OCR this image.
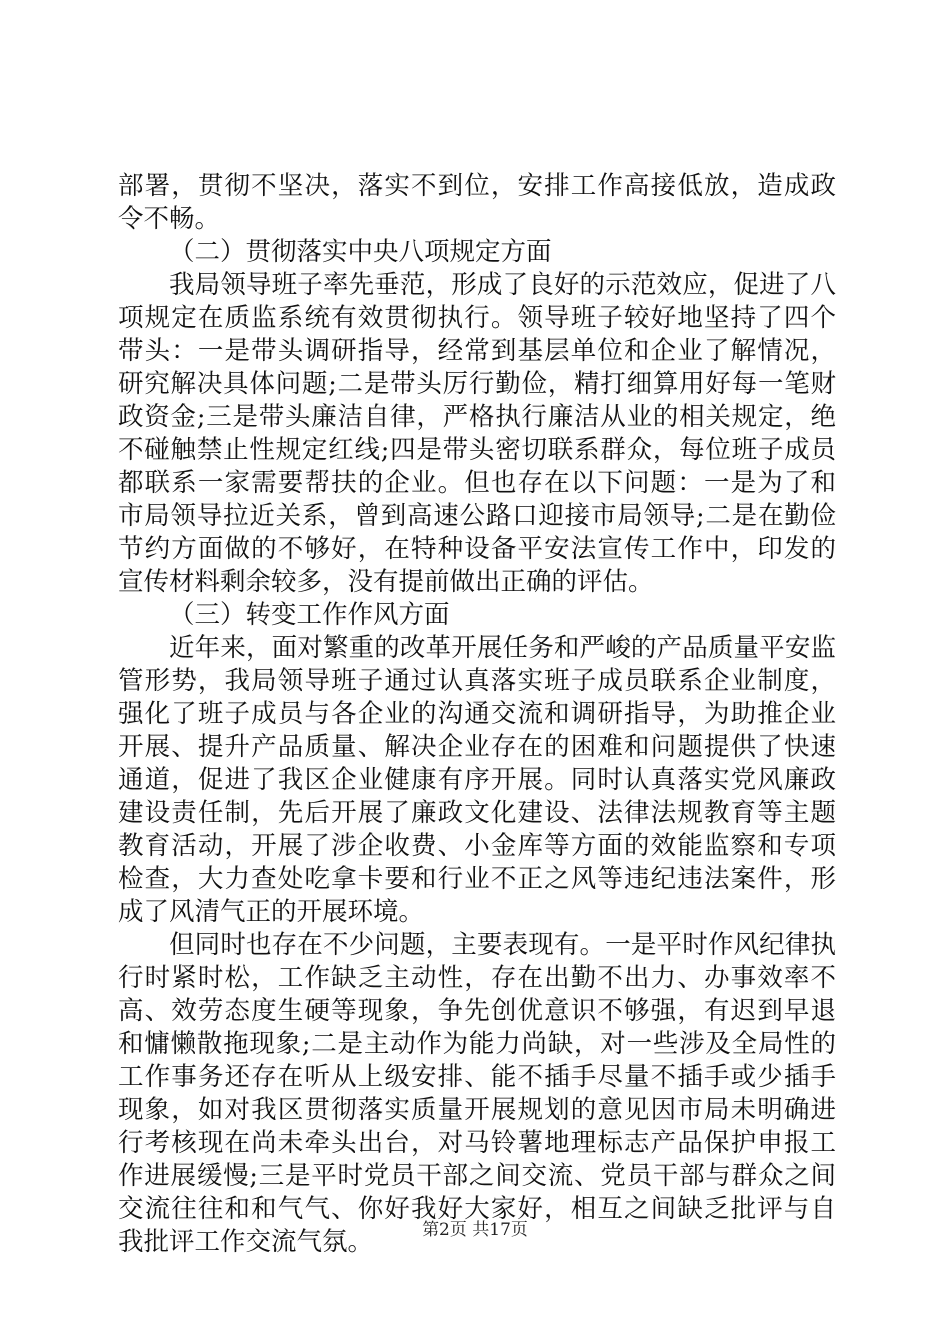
部署，贯彻不坚决，落实不到位，安排工作高接低放，造成政
令不畅。
（二）贯彻落实中央八项规定方面
我局领导班子率先垂范，形成了良好的示范效应，促进了八
项规定在质监系统有效贯彻执行。领导班子较好地坚持了四个
带头：一是带头调研指导，经常到基层单位和企业了解情况，
研究解决具体问题;二是带头厉行勤俭，精打细算用好每一笔财
政资金;三是带头廉洁自律，严格执行廉洁从业的相关规定，绝
不碰触禁止性规定红线;四是带头密切联系群众，每位班子成员
都联系一家需要帮扶的企业。但也存在以下问题：一是为了和
市局领导拉近关系，曾到高速公路口迎接市局领导;二是在勤俭
节约方面做的不够好，在特种设备平安法宣传工作中，印发的
宣传材料剩余较多，没有提前做出正确的评估。
（三）转变工作作风方面
近年来，面对繁重的改革开展任务和严峻的产品质量平安监
管形势，我局领导班子通过认真落实班子成员联系企业制度，
强化了班子成员与各企业的沟通交流和调研指导，为助推企业
开展、提升产品质量、解决企业存在的困难和问题提供了快速
通道，促进了我区企业健康有序开展。同时认真落实党风廉政
建设责任制，先后开展了廉政文化建设、法律法规教育等主题
教育活动，开展了涉企收费、小金库等方面的效能监察和专项
检查，大力查处吃拿卡要和行业不正之风等违纪违法案件，形
成了风清气正的开展环境。
但同时也存在不少问题，主要表现有。一是平时作风纪律执
行时紧时松，工作缺乏主动性，存在出勤不出力、办事效率不
高、效劳态度生硬等现象，争先创优意识不够强，有迟到早退
和慵懒散拖现象;二是主动作为能力尚缺，对一些涉及全局性的
工作事务还存在听从上级安排、能不插手尽量不插手或少插手
现象，如对我区贯彻落实质量开展规划的意见因市局未明确进
行考核现在尚未牵头出台，对马铃薯地理标志产品保护申报工
作进展缓慢;三是平时党员干部之间交流、党员干部与群众之间
交流往往和和气气、你好我好大家好，相互之间缺乏批评与自
我批评工作交流气氛。	第2页 共17页
